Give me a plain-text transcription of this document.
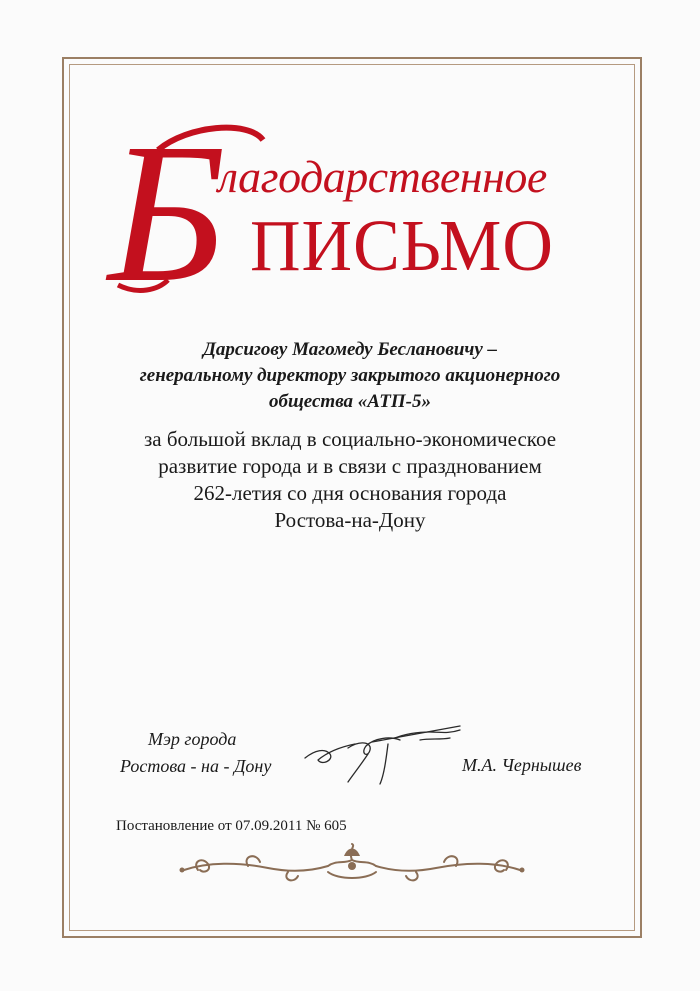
Б
лагодарственное
ПИСЬМО
Дарсигову Магомеду Беслановичу –
генеральному директору закрытого акционерного
общества «АТП-5»
за большой вклад в социально-экономическое
развитие города и в связи с празднованием
262-летия со дня основания города
Ростова-на-Дону
Мэр города
Ростова - на - Дону	М.А. Чернышев
Постановление от 07.09.2011 № 605
